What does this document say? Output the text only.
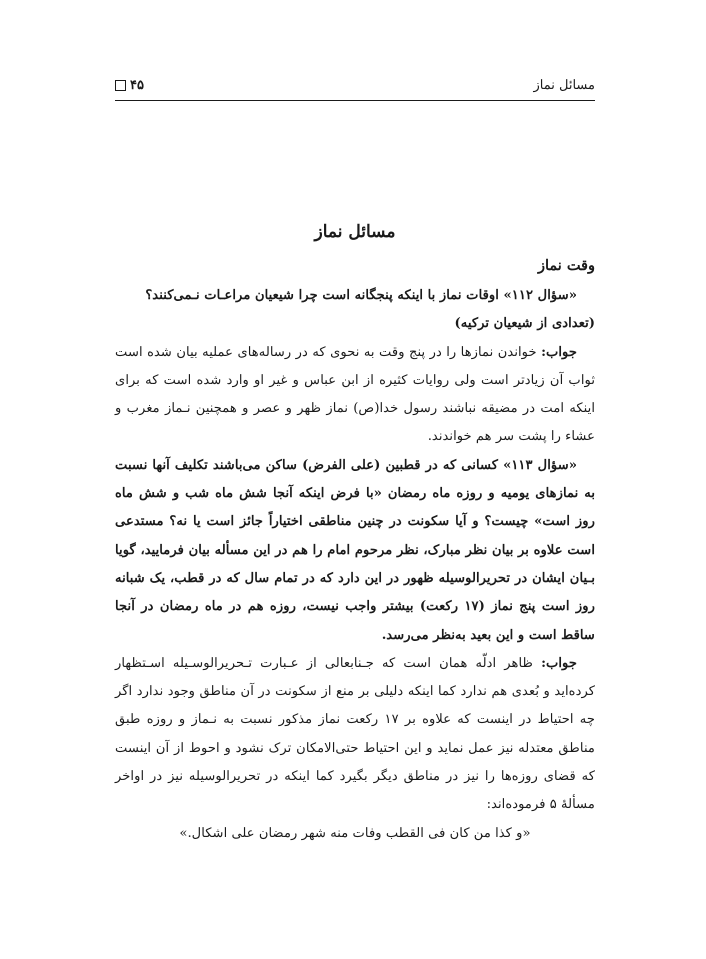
مسائل نماز
۴۵
مسائل نماز
وقت نماز

«سؤال ۱۱۲» اوقات نماز با اینکه پنجگانه است چرا شیعیان مراعـات نـمی‌کنند؟

(تعدادی از شیعیان ترکیه)

جواب: خواندن نمازها را در پنج وقت به نحوی که در رساله‌های عملیه بیان شده است ثواب آن زیادتر است ولی روایات کثیره از ابن عباس و غیر او وارد شده است که برای اینکه امت در مضیقه نباشند رسول خدا(ص) نماز ظهر و عصر و همچنین نـماز مغرب و عشاء را پشت سر هم خواندند.

«سؤال ۱۱۳» کسانی که در قطبین (علی الفرض) ساکن می‌باشند تکلیف آنها نسبت به نمازهای یومیه و روزه ماه رمضان «با فرض اینکه آنجا شش ماه شب و شش ماه روز است» چیست؟ و آیا سکونت در چنین مناطقی اختیاراً جائز است یا نه؟ مستدعی است علاوه بر بیان نظر مبارک، نظر مرحوم امام را هم در این مسأله بیان فرمایید، گویا بـیان ایشان در تحریرالوسیله ظهور در این دارد که در تمام سال که در قطب، یک شبانه روز است پنج نماز (۱۷ رکعت) بیشتر واجب نیست، روزه هم در ماه رمضان در آنجا ساقط است و این بعید به‌نظر می‌رسد.

جواب: ظاهر ادلّه همان است که جـنابعالی از عـبارت تـحریرالوسـیله اسـتظهار کرده‌اید و بُعدی هم ندارد کما اینکه دلیلی بر منع از سکونت در آن مناطق وجود ندارد اگر چه احتیاط در اینست که علاوه بر ۱۷ رکعت نماز مذکور نسبت به نـماز و روزه طبق مناطق معتدله نیز عمل نماید و این احتیاط حتی‌الامکان ترک نشود و احوط از آن اینست که قضای روزه‌ها را نیز در مناطق دیگر بگیرد کما اینکه در تحریرالوسیله نیز در اواخر مسألهٔ ۵ فرموده‌اند:

«و کذا من کان فی القطب وفات منه شهر رمضان علی اشکال.»
